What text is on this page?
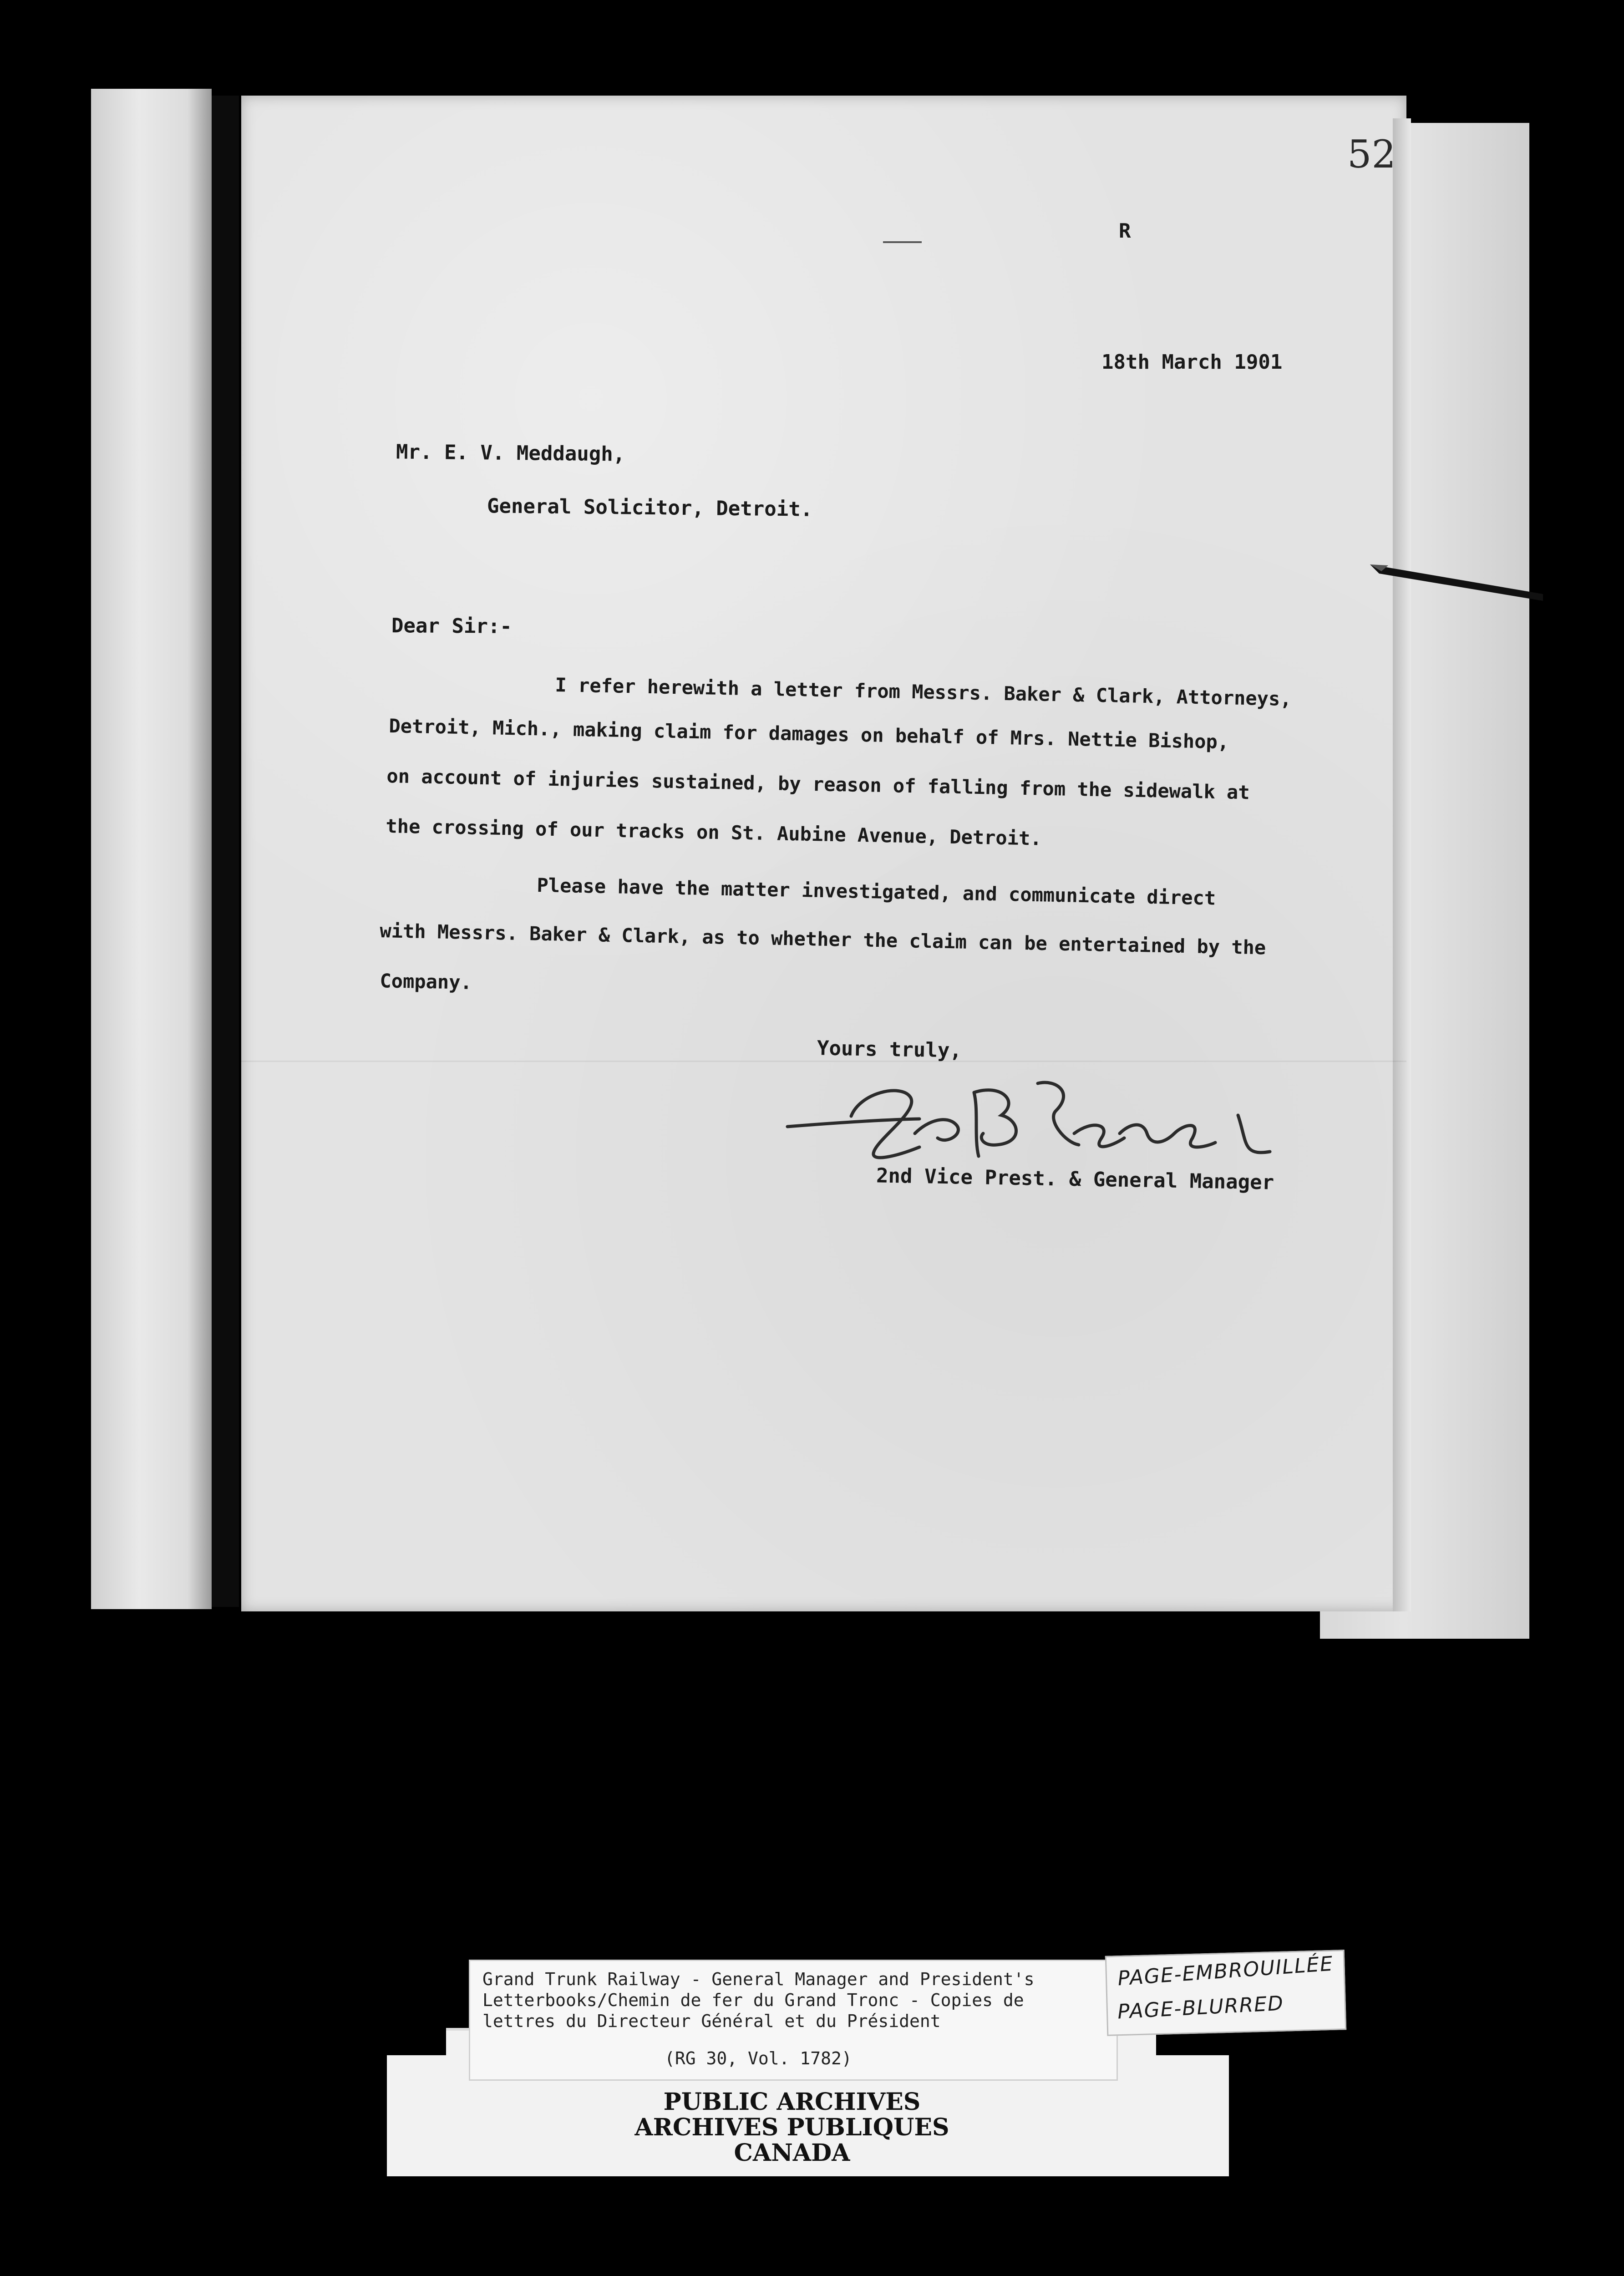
52
R
18th March 1901
Mr. E. V. Meddaugh,
General Solicitor, Detroit.
Dear Sir:-
I refer herewith a letter from Messrs. Baker & Clark, Attorneys,
Detroit, Mich., making claim for damages on behalf of Mrs. Nettie Bishop,
on account of injuries sustained, by reason of falling from the sidewalk at
the crossing of our tracks on St. Aubine Avenue, Detroit.
Please have the matter investigated, and communicate direct
with Messrs. Baker & Clark, as to whether the claim can be entertained by the
Company.
Yours truly,
2nd Vice Prest. & General Manager
Grand Trunk Railway - General Manager and President's
Letterbooks/Chemin de fer du Grand Tronc - Copies de
lettres du Directeur Général et du Président
(RG 30, Vol. 1782)
PUBLIC ARCHIVES
ARCHIVES PUBLIQUES
CANADA
PAGE-EMBROUILLÉE
PAGE-BLURRED
